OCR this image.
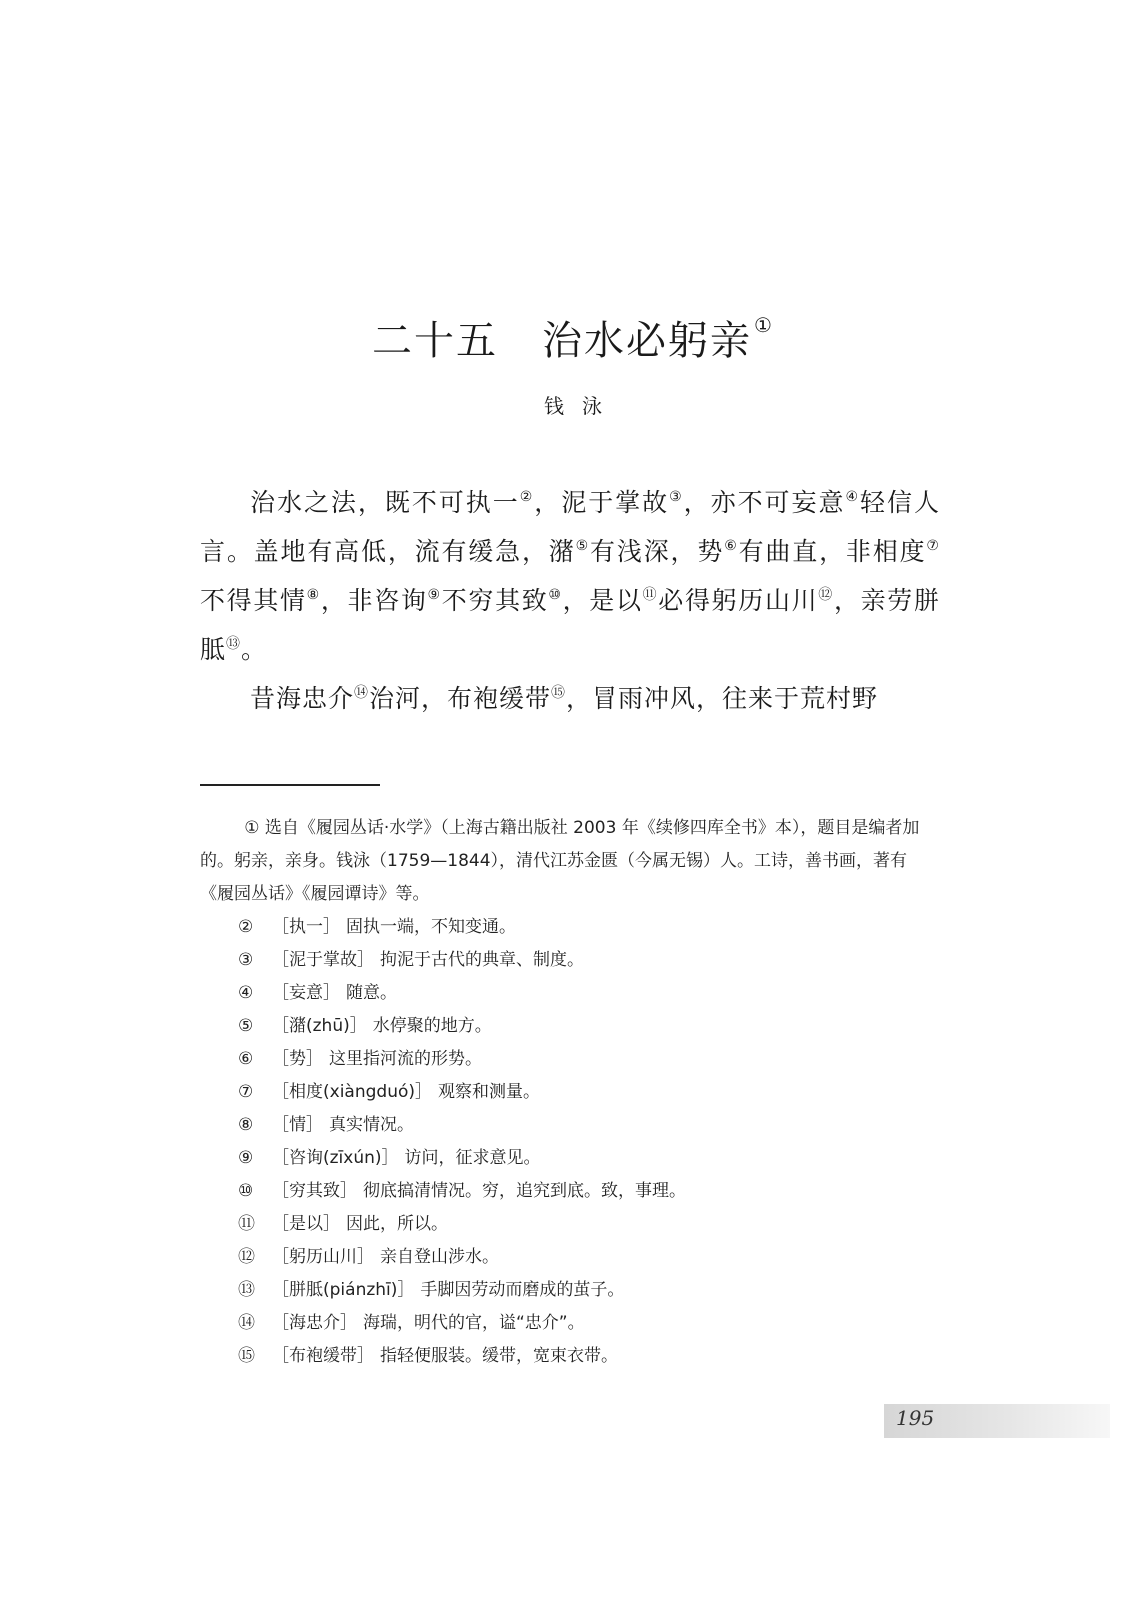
二十五 治水必躬亲 ①
钱泳

治水之法，既不可执一②，泥于掌故③，亦不可妄意④轻信人言。盖地有高低，流有缓急，潴⑤有浅深，势⑥有曲直，非相度⑦不得其情⑧，非咨询⑨不穷其致⑩，是以⑪必得躬历山川⑫，亲劳胼胝⑬。

昔海忠介⑭治河，布袍缓带⑮，冒雨冲风，往来于荒村野

① 选自《履园丛话·水学》（上海古籍出版社 2003 年《续修四库全书》本），题目是编者加的。躬亲，亲身。钱泳（1759—1844），清代江苏金匮（今属无锡）人。工诗，善书画，著有《履园丛话》《履园谭诗》等。

② ［执一］ 固执一端，不知变通。

③ ［泥于掌故］ 拘泥于古代的典章、制度。

④ ［妄意］ 随意。

⑤ ［潴(zhū)］ 水停聚的地方。

⑥ ［势］ 这里指河流的形势。

⑦ ［相度(xiàngduó)］ 观察和测量。

⑧ ［情］ 真实情况。

⑨ ［咨询(zīxún)］ 访问，征求意见。

⑩ ［穷其致］ 彻底搞清情况。穷，追究到底。致，事理。

⑪ ［是以］ 因此，所以。

⑫ ［躬历山川］ 亲自登山涉水。

⑬ ［胼胝(piánzhī)］ 手脚因劳动而磨成的茧子。

⑭ ［海忠介］ 海瑞，明代的官，谥“忠介”。

⑮ ［布袍缓带］ 指轻便服装。缓带，宽束衣带。

195
